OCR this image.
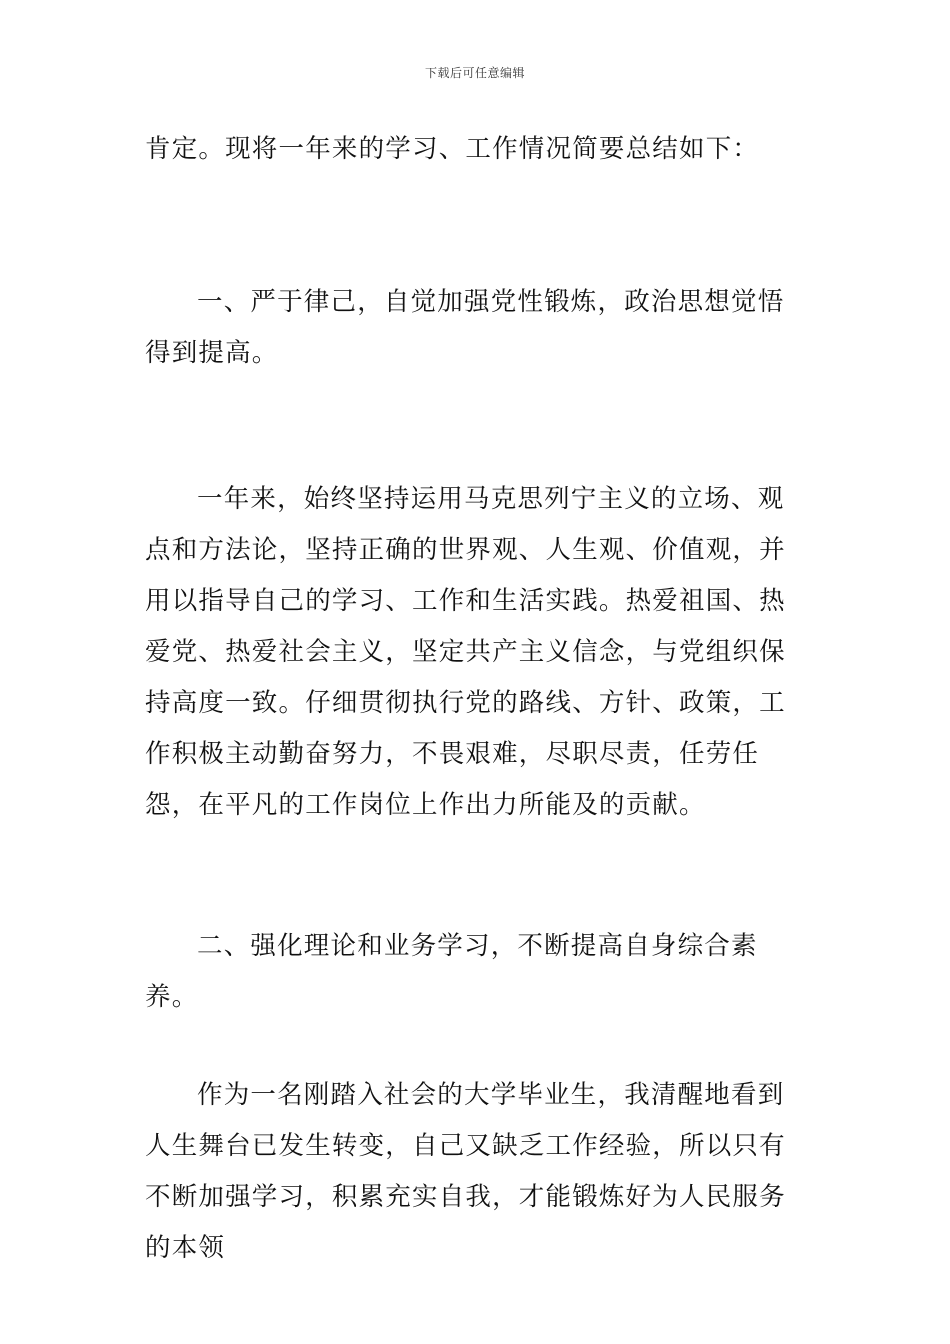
下载后可任意编辑

肯定。现将一年来的学习、工作情况简要总结如下：

一、严于律己，自觉加强党性锻炼，政治思想觉悟得到提高。

一年来，始终坚持运用马克思列宁主义的立场、观点和方法论，坚持正确的世界观、人生观、价值观，并用以指导自己的学习、工作和生活实践。热爱祖国、热爱党、热爱社会主义，坚定共产主义信念，与党组织保持高度一致。仔细贯彻执行党的路线、方针、政策，工作积极主动勤奋努力，不畏艰难，尽职尽责，任劳任怨，在平凡的工作岗位上作出力所能及的贡献。

二、强化理论和业务学习，不断提高自身综合素养。

作为一名刚踏入社会的大学毕业生，我清醒地看到人生舞台已发生转变，自己又缺乏工作经验，所以只有不断加强学习，积累充实自我，才能锻炼好为人民服务的本领
